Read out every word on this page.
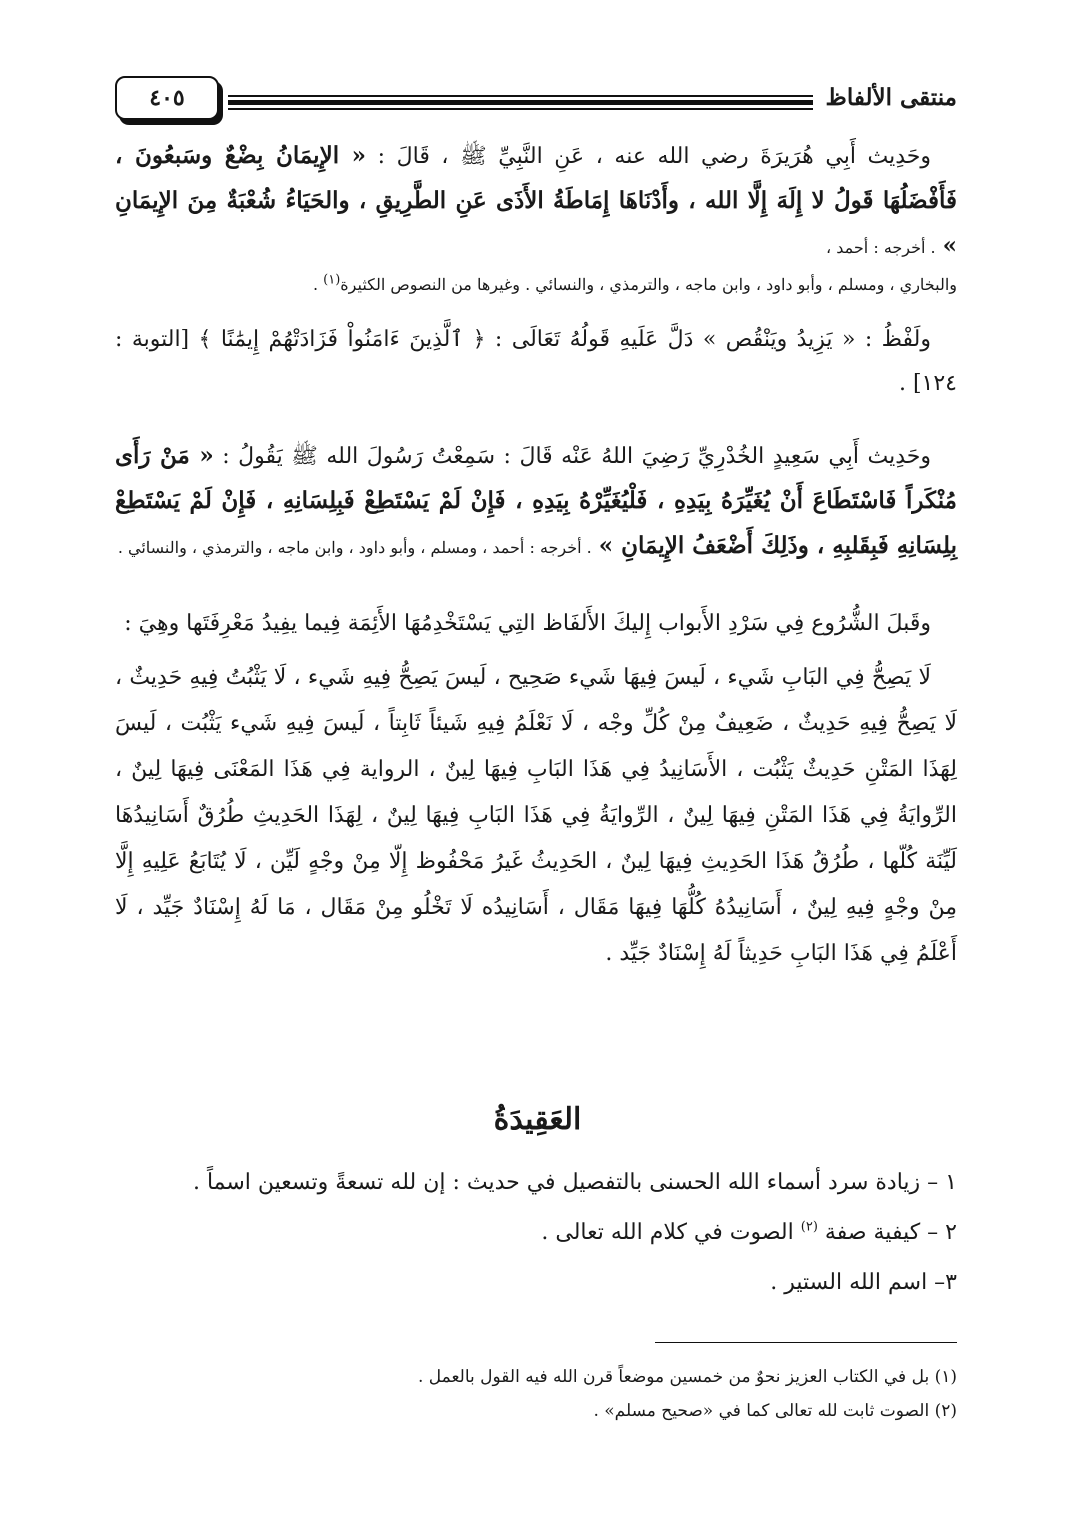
منتقى الألفاظ
٤٠٥

وحَدِيث أَبِي هُرَيرَةَ رضي الله عنه ، عَنِ النَّبِيِّ ﷺ ، قَالَ : « الإِيمَانُ بِضْعٌ وسَبعُونَ ، فَأَفْضَلُهَا قَولُ لا إِلَهَ إِلَّا الله ، وأَدْنَاهَا إِمَاطَةُ الأَذَى عَنِ الطَّرِيقِ ، والحَيَاءُ شُعْبَةٌ مِنَ الإِيمَانِ » . أخرجه : أحمد ،
والبخاري ، ومسلم ، وأبو داود ، وابن ماجه ، والترمذي ، والنسائي . وغيرها من النصوص الكثيرة$^{(١)}$ .

ولَفْظُ : « يَزِيدُ ويَنْقُص » دَلَّ عَلَيهِ قَولُهُ تَعَالَى : ﴿ ٱلَّذِينَ ءَامَنُواْ فَزَادَتْهُمْ إِيمَٰنًا ﴾ [التوبة : ١٢٤] .

وحَدِيث أَبِي سَعِيدٍ الخُدْرِيِّ رَضِيَ اللهُ عَنْه قَالَ : سَمِعْتُ رَسُولَ الله ﷺ يَقُولُ : « مَنْ رَأَى مُنْكَراً فَاسْتَطَاعَ أَنْ يُغَيِّرَهُ بِيَدِهِ ، فَلْيُغَيِّرْهُ بِيَدِهِ ، فَإِنْ لَمْ يَسْتَطِعْ فَبِلِسَانِهِ ، فَإِنْ لَمْ يَسْتَطِعْ بِلِسَانِهِ فَبِقَلبِهِ ، وذَلِكَ أَضْعَفُ الإِيمَانِ » . أخرجه : أحمد ، ومسلم ، وأبو داود ، وابن ماجه ، والترمذي ، والنسائي .

وقَبلَ الشُّرُوع فِي سَرْدِ الأَبواب إِليكَ الأَلفَاظ التِي يَسْتَخْدِمُهَا الأَئِمَة فِيما يفِيدُ مَعْرِفَتَها وهِيَ :

لَا يَصِحُّ فِي البَابِ شَيء ، لَيسَ فِيهَا شَيء صَحِيح ، لَيسَ يَصِحُّ فِيهِ شَيء ، لَا يَثْبُتُ فِيهِ حَدِيثٌ ، لَا يَصِحُّ فِيهِ حَدِيثٌ ، ضَعِيفٌ مِنْ كُلِّ وجْه ، لَا نَعْلَمُ فِيهِ شَيئاً ثَابِتاً ، لَيسَ فِيهِ شَيء يَثْبُت ، لَيسَ لِهَذَا المَتْنِ حَدِيثٌ يَثْبُت ، الأَسَانِيدُ فِي هَذَا البَابِ فِيهَا لِينٌ ، الرواية فِي هَذَا المَعْنَى فِيهَا لِينٌ ، الرِّوايَةُ فِي هَذَا المَتْنِ فِيهَا لِينٌ ، الرِّوايَةُ فِي هَذَا البَابِ فِيهَا لِينٌ ، لِهَذَا الحَدِيثِ طُرُقٌ أَسَانِيدُهَا لَيِّنَة كُلّها ، طُرُقُ هَذَا الحَدِيثِ فِيهَا لِينٌ ، الحَدِيثُ غَيرُ مَحْفُوظ إِلّا مِنْ وجْهٍ لَيِّن ، لَا يُتَابَعُ عَلِيهِ إِلَّا مِنْ وجْهٍ فِيهِ لِينٌ ، أَسَانِيدُهُ كُلُّهَا فِيهَا مَقَال ، أَسَانِيدُه لَا تَخْلُو مِنْ مَقَال ، مَا لَهُ إِسْنَادٌ جَيِّد ، لَا أَعْلَمُ فِي هَذَا البَابِ حَدِيثاً لَهُ إِسْنَادٌ جَيِّد .

العَقِيدَةُ
١ – زيادة سرد أسماء الله الحسنى بالتفصيل في حديث : إن لله تسعةً وتسعين اسماً .
٢ – كيفية صفة $^{(٢)}$ الصوت في كلام الله تعالى .
٣– اسم الله الستير .
(١) بل في الكتاب العزيز نحوٌ من خمسين موضعاً قرن الله فيه القول بالعمل .
(٢) الصوت ثابت لله تعالى كما في «صحيح مسلم» .
